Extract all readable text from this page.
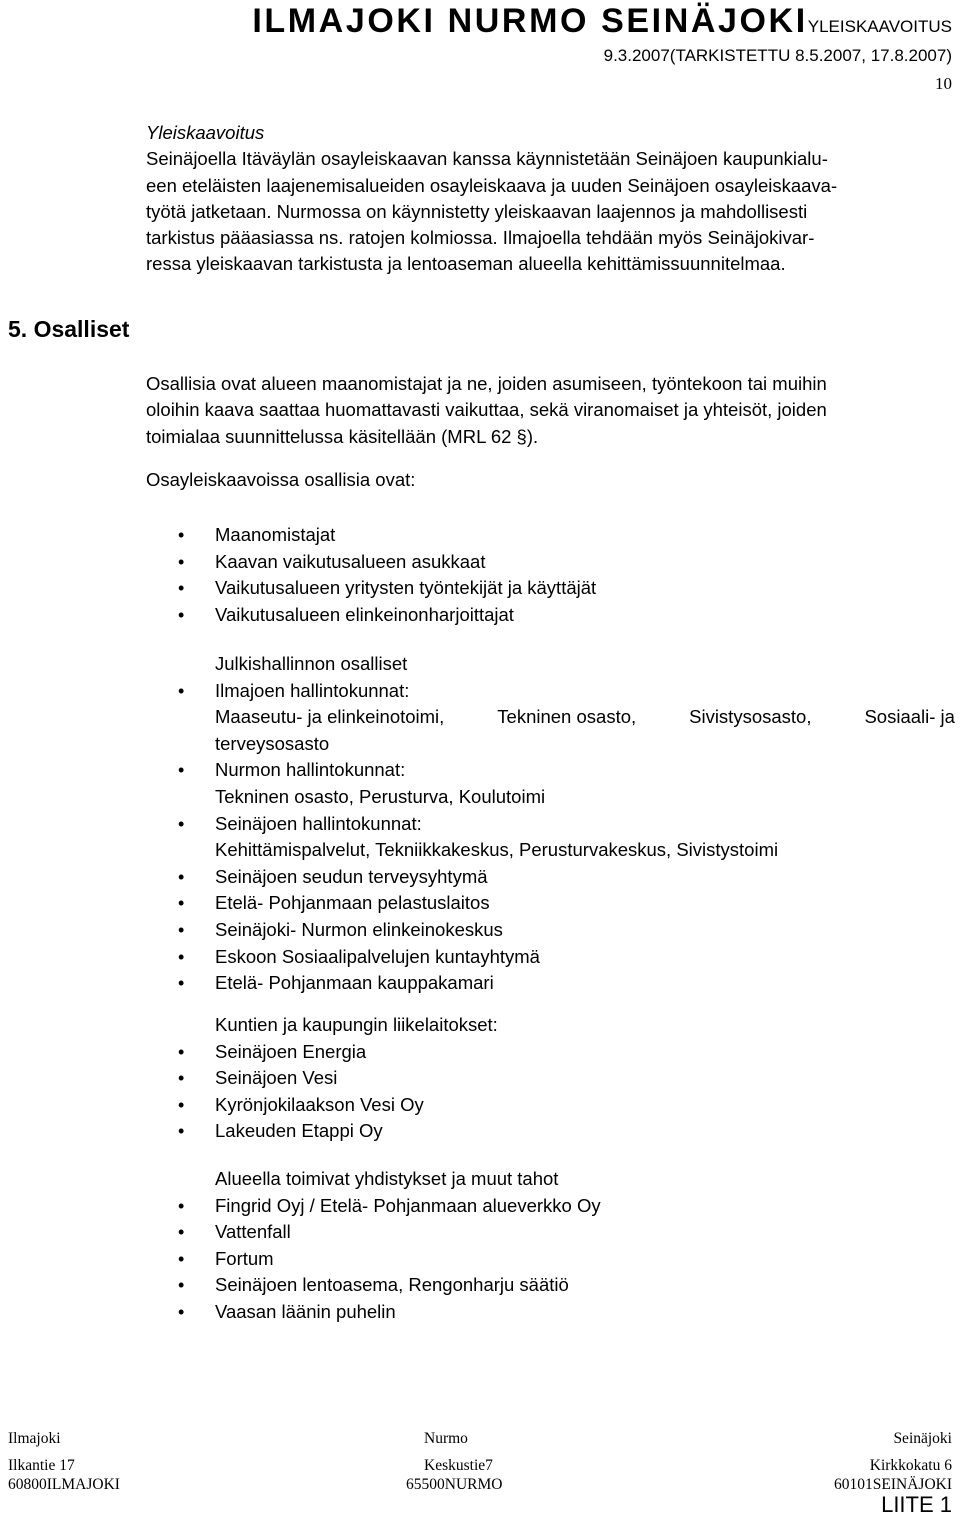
ILMAJOKI NURMO SEINÄJOKIYLEISKAAVOITUS
9.3.2007(TARKISTETTU 8.5.2007, 17.8.2007)
10
Yleiskaavoitus
Seinäjoella Itäväylän osayleiskaavan kanssa käynnistetään Seinäjoen kaupunkialu-
een eteläisten laajenemisalueiden osayleiskaava ja uuden Seinäjoen osayleiskaava-
työtä jatketaan. Nurmossa on käynnistetty yleiskaavan laajennos ja mahdollisesti
tarkistus pääasiassa ns. ratojen kolmiossa. Ilmajoella tehdään myös Seinäjokivar-
ressa yleiskaavan tarkistusta ja lentoaseman alueella kehittämissuunnitelmaa.
5. Osalliset
Osallisia ovat alueen maanomistajat ja ne, joiden asumiseen, työntekoon tai muihin
oloihin kaava saattaa huomattavasti vaikuttaa, sekä viranomaiset ja yhteisöt, joiden
toimialaa suunnittelussa käsitellään (MRL 62 §).
Osayleiskaavoissa osallisia ovat:
• Maanomistajat
• Kaavan vaikutusalueen asukkaat
• Vaikutusalueen yritysten työntekijät ja käyttäjät
• Vaikutusalueen elinkeinonharjoittajat
Julkishallinnon osalliset
• Ilmajoen hallintokunnat:
Maaseutu- ja elinkeinotoimi,	Tekninen osasto,	Sivistysosasto,	Sosiaali- ja
terveysosasto
• Nurmon hallintokunnat:
Tekninen osasto, Perusturva, Koulutoimi
• Seinäjoen hallintokunnat:
Kehittämispalvelut, Tekniikkakeskus, Perusturvakeskus, Sivistystoimi
• Seinäjoen seudun terveysyhtymä
• Etelä- Pohjanmaan pelastuslaitos
• Seinäjoki- Nurmon elinkeinokeskus
• Eskoon Sosiaalipalvelujen kuntayhtymä
• Etelä- Pohjanmaan kauppakamari
Kuntien ja kaupungin liikelaitokset:
• Seinäjoen Energia
• Seinäjoen Vesi
• Kyrönjokilaakson Vesi Oy
• Lakeuden Etappi Oy
Alueella toimivat yhdistykset ja muut tahot
• Fingrid Oyj / Etelä- Pohjanmaan alueverkko Oy
• Vattenfall
• Fortum
• Seinäjoen lentoasema, Rengonharju säätiö
• Vaasan läänin puhelin
Ilmajoki	Nurmo	Seinäjoki
Ilkantie 17	Keskustie7	Kirkkokatu 6
60800ILMAJOKI	65500NURMO	60101SEINÄJOKI
LIITE 1
